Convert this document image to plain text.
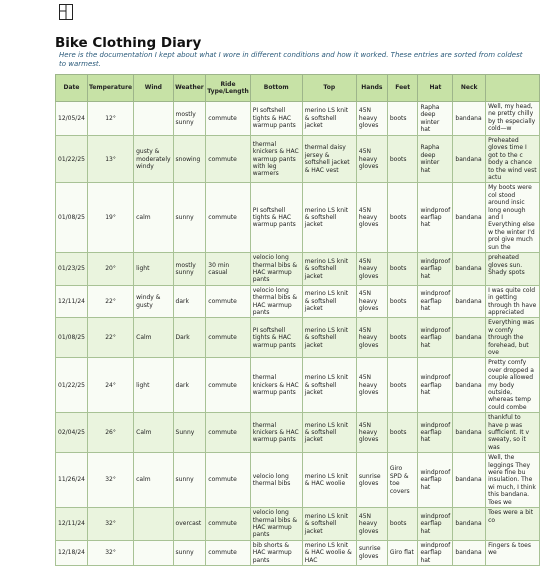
Bike Clothing Diary
Here is the documentation I kept about what I wore in different conditions and how it worked. These entries are sorted from coldest to warmest.
Date	Temperature	Wind	Weather	Ride Type/Length	Bottom	Top	Hands	Feet	Hat	Neck	
12/05/24	12°		mostly sunny	commute	PI softshell tights & HAC warmup pants	merino LS knit & softshell jacket	45N heavy gloves	boots	Rapha deep winter hat	bandana	Well, my head, ne pretty chilly by th especially cold—w
01/22/25	13°	gusty & moderately windy	snowing	commute	thermal knickers & HAC warmup pants with leg warmers	thermal daisy jersey & softshell jacket & HAC vest	45N heavy gloves	boots	Rapha deep winter hat	bandana	Preheated gloves time I got to the c body a chance to the wind vest actu
01/08/25	19°	calm	sunny	commute	PI softshell tights & HAC warmup pants	merino LS knit & softshell jacket	45N heavy gloves	boots	windproof earflap hat	bandana	My boots were col stood around insic long enough and I Everything else w the winter I'd prol give much sun the
01/23/25	20°	light	mostly sunny	30 min casual	velocio long thermal bibs & HAC warmup pants	merino LS knit & softshell jacket	45N heavy gloves	boots	windproof earflap hat	bandana	preheated gloves sun. Shady spots
12/11/24	22°	windy & gusty	dark	commute	velocio long thermal bibs & HAC warmup pants	merino LS knit & softshell jacket	45N heavy gloves	boots	windproof earflap hat	bandana	I was quite cold in getting through th have appreciated
01/08/25	22°	Calm	Dark	commute	PI softshell tights & HAC warmup pants	merino LS knit & softshell jacket	45N heavy gloves	boots	windproof earflap hat	bandana	Everything was w comfy through the forehead, but ove
01/22/25	24°	light	dark	commute	thermal knickers & HAC warmup pants	merino LS knit & softshell jacket	45N heavy gloves	boots	windproof earflap hat	bandana	Pretty comfy over dropped a couple allowed my body outside, whereas temp could combe
02/04/25	26°	Calm	Sunny	commute	thermal knickers & HAC warmup pants	merino LS knit & softshell jacket	45N heavy gloves	boots	windproof earflap hat	bandana	thankful to have p was sufficient. It v sweaty, so it was
11/26/24	32°	calm	sunny	commute	velocio long thermal bibs	merino LS knit & HAC woolie	sunrise gloves	Giro SPD & toe covers	windproof earflap hat	bandana	Well, the leggings They were fine bu insulation. The wi much, I think this bandana. Toes we
12/11/24	32°		overcast	commute	velocio long thermal bibs & HAC warmup pants	merino LS knit & softshell jacket	45N heavy gloves	boots	windproof earflap hat	bandana	Toes were a bit co
12/18/24	32°		sunny	commute	bib shorts & HAC warmup pants	merino LS knit & HAC woolie & HAC	sunrise gloves	Giro flat	windproof earflap hat	bandana	Fingers & toes we
